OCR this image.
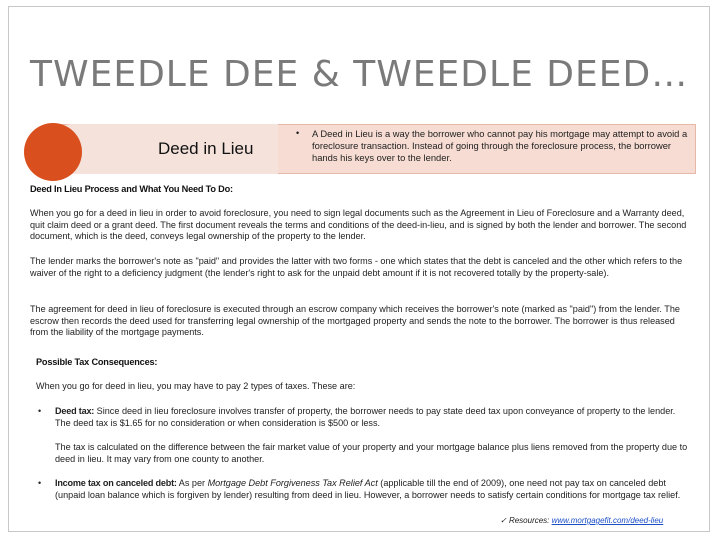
TWEEDLE DEE & TWEEDLE DEED…
Deed in Lieu
• A Deed in Lieu is a way the borrower who cannot pay his mortgage may attempt to avoid a foreclosure transaction. Instead of going through the foreclosure process, the borrower hands his keys over to the lender.
Deed In Lieu Process and What You Need To Do:
When you go for a deed in lieu in order to avoid foreclosure, you need to sign legal documents such as the Agreement in Lieu of Foreclosure and a Warranty deed, quit claim deed or a grant deed. The first document reveals the terms and conditions of the deed-in-lieu, and is signed by both the lender and borrower. The second document, which is the deed, conveys legal ownership of the property to the lender.
The lender marks the borrower's note as "paid" and provides the latter with two forms - one which states that the debt is canceled and the other which refers to the waiver of the right to a deficiency judgment (the lender's right to ask for the unpaid debt amount if it is not recovered totally by the property-sale).
The agreement for deed in lieu of foreclosure is executed through an escrow company which receives the borrower's note (marked as "paid") from the lender. The escrow then records the deed used for transferring legal ownership of the mortgaged property and sends the note to the borrower. The borrower is thus released from the liability of the mortgage payments.
Possible Tax Consequences:
When you go for deed in lieu, you may have to pay 2 types of taxes. These are:
• Deed tax: Since deed in lieu foreclosure involves transfer of property, the borrower needs to pay state deed tax upon conveyance of property to the lender. The deed tax is $1.65 for no consideration or when consideration is $500 or less.
The tax is calculated on the difference between the fair market value of your property and your mortgage balance plus liens removed from the property due to deed in lieu. It may vary from one county to another.
• Income tax on canceled debt: As per Mortgage Debt Forgiveness Tax Relief Act (applicable till the end of 2009), one need not pay tax on canceled debt (unpaid loan balance which is forgiven by lender) resulting from deed in lieu. However, a borrower needs to satisfy certain conditions for mortgage tax relief.
✓ Resources: www.mortgagefit.com/deed-lieu
